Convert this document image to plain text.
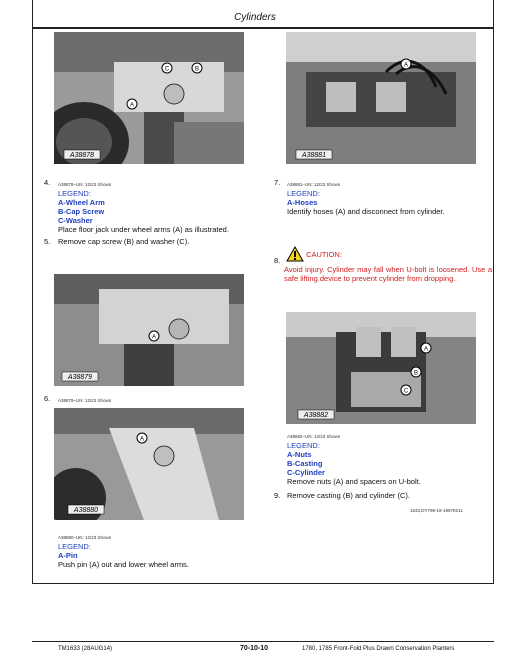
Cylinders
C	B
A
A38878
A
A38879
A
A38880
A
A38881
A
B
C
A38882
4. A38878–UN: 12/23 Shown
LEGEND:
A-Wheel Arm
B-Cap Screw
C-Washer
Place floor jack under wheel arms (A) as illustrated.
5. Remove cap screw (B) and washer (C).
6. A38879–UN: 12/23 Shown
A38880–UN: 12/23 Shown
LEGEND:
A-Pin
Push pin (A) out and lower wheel arms.
7. A38881–UN: 12/23 Shown
LEGEND:
A-Hoses
Identify hoses (A) and disconnect from cylinder.
8.
CAUTION:
Avoid injury. Cylinder may fall when U-bolt is loosened. Use a safe lifting device to prevent cylinder from dropping.
A38882–UN: 12/23 Shown
LEGEND:
A-Nuts
B-Casting
C-Cylinder
Remove nuts (A) and spacers on U-bolt.
9. Remove casting (B) and cylinder (C).
1633,DY799-19-19978211
TM1633 (28AUG14)	70-10-10	1780, 1785 Front-Fold Plus Drawn Conservation Planters
